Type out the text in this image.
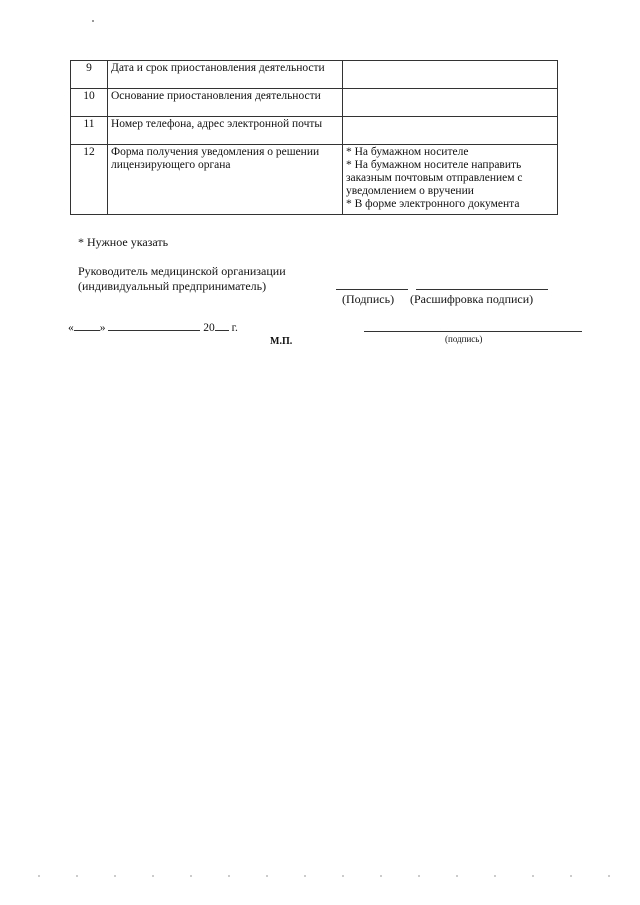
9	Дата и срок приостановления деятельности	
10	Основание приостановления деятельности	
11	Номер телефона, адрес электронной почты	
12	Форма получения уведомления о решении лицензирующего органа	* На бумажном носителе
* На бумажном носителе направить заказным почтовым отправлением с уведомлением о вручении
* В форме электронного документа
* Нужное указать
Руководитель медицинской организации
(индивидуальный предприниматель)
(Подпись) (Расшифровка подписи)
« »	20 г.
М.П.	(подпись)
